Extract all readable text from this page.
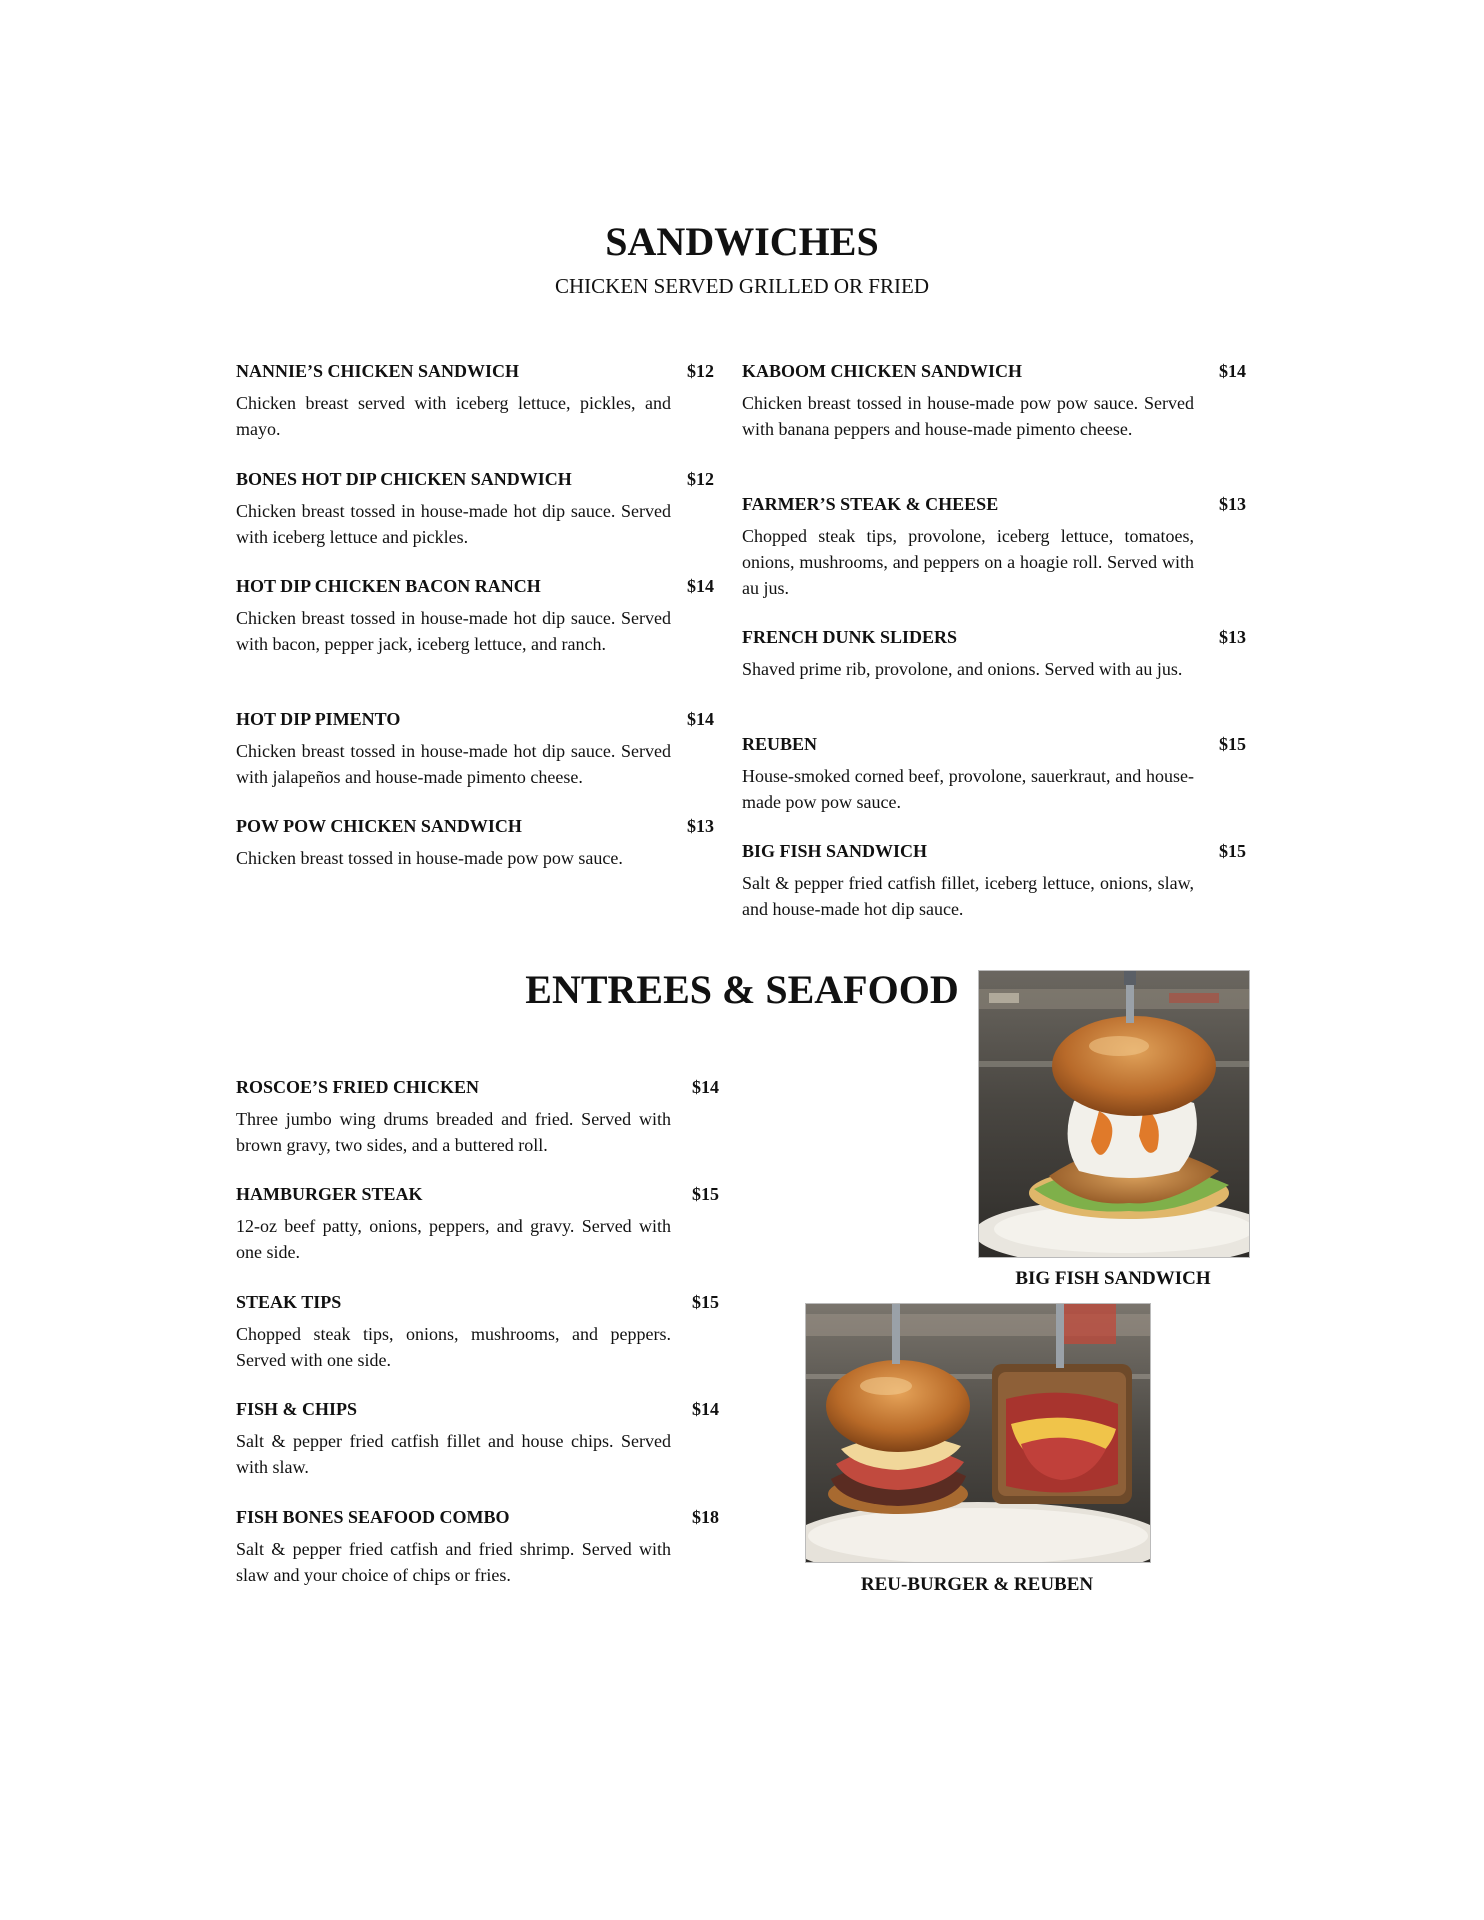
SANDWICHES
CHICKEN SERVED GRILLED OR FRIED
NANNIE’S CHICKEN SANDWICH	$12
Chicken breast served with iceberg lettuce, pickles, and mayo.
BONES HOT DIP CHICKEN SANDWICH	$12
Chicken breast tossed in house-made hot dip sauce. Served with iceberg lettuce and pickles.
HOT DIP CHICKEN BACON RANCH	$14
Chicken breast tossed in house-made hot dip sauce. Served with bacon, pepper jack, iceberg lettuce, and ranch.
HOT DIP PIMENTO	$14
Chicken breast tossed in house-made hot dip sauce. Served with jalapeños and house-made pimento cheese.
POW POW CHICKEN SANDWICH	$13
Chicken breast tossed in house-made pow pow sauce.
KABOOM CHICKEN SANDWICH	$14
Chicken breast tossed in house-made pow pow sauce. Served with banana peppers and house-made pimento cheese.
FARMER’S STEAK & CHEESE	$13
Chopped steak tips, provolone, iceberg lettuce, tomatoes, onions, mushrooms, and peppers on a hoagie roll. Served with au jus.
FRENCH DUNK SLIDERS	$13
Shaved prime rib, provolone, and onions. Served with au jus.
REUBEN	$15
House-smoked corned beef, provolone, sauerkraut, and house-made pow pow sauce.
BIG FISH SANDWICH	$15
Salt & pepper fried catfish fillet, iceberg lettuce, onions, slaw, and house-made hot dip sauce.
ENTREES & SEAFOOD
ROSCOE’S FRIED CHICKEN	$14
Three jumbo wing drums breaded and fried. Served with brown gravy, two sides, and a buttered roll.
HAMBURGER STEAK	$15
12-oz beef patty, onions, peppers, and gravy. Served with one side.
STEAK TIPS	$15
Chopped steak tips, onions, mushrooms, and peppers. Served with one side.
FISH & CHIPS	$14
Salt & pepper fried catfish fillet and house chips. Served with slaw.
FISH BONES SEAFOOD COMBO	$18
Salt & pepper fried catfish and fried shrimp. Served with slaw and your choice of chips or fries.
BIG FISH SANDWICH
REU-BURGER & REUBEN
